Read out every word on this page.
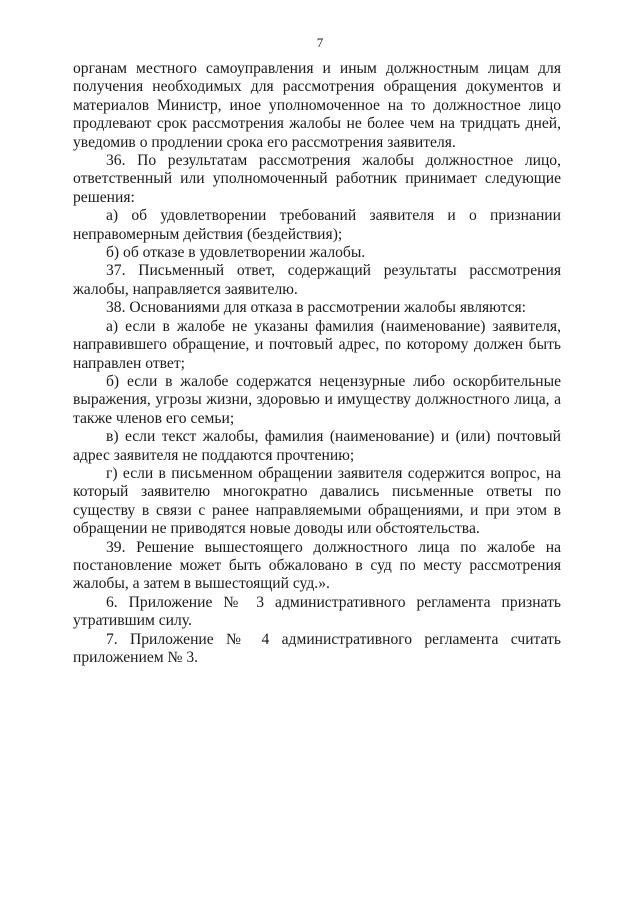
7

органам местного самоуправления и иным должностным лицам для получения необходимых для рассмотрения обращения документов и материалов Министр, иное уполномоченное на то должностное лицо продлевают срок рассмотрения жалобы не более чем на тридцать дней, уведомив о продлении срока его рассмотрения заявителя.

36. По результатам рассмотрения жалобы должностное лицо, ответственный или уполномоченный работник принимает следующие решения:

а) об удовлетворении требований заявителя и о признании неправомерным действия (бездействия);

б) об отказе в удовлетворении жалобы.

37. Письменный ответ, содержащий результаты рассмотрения жалобы, направляется заявителю.

38. Основаниями для отказа в рассмотрении жалобы являются:

а) если в жалобе не указаны фамилия (наименование) заявителя, направившего обращение, и почтовый адрес, по которому должен быть направлен ответ;

б) если в жалобе содержатся нецензурные либо оскорбительные выражения, угрозы жизни, здоровью и имуществу должностного лица, а также членов его семьи;

в) если текст жалобы, фамилия (наименование) и (или) почтовый адрес заявителя не поддаются прочтению;

г) если в письменном обращении заявителя содержится вопрос, на который заявителю многократно давались письменные ответы по существу в связи с ранее направляемыми обращениями, и при этом в обращении не приводятся новые доводы или обстоятельства.

39. Решение вышестоящего должностного лица по жалобе на постановление может быть обжаловано в суд по месту рассмотрения жалобы, а затем в вышестоящий суд.».

6. Приложение № 3 административного регламента признать утратившим силу.

7. Приложение № 4 административного регламента считать приложением № 3.
